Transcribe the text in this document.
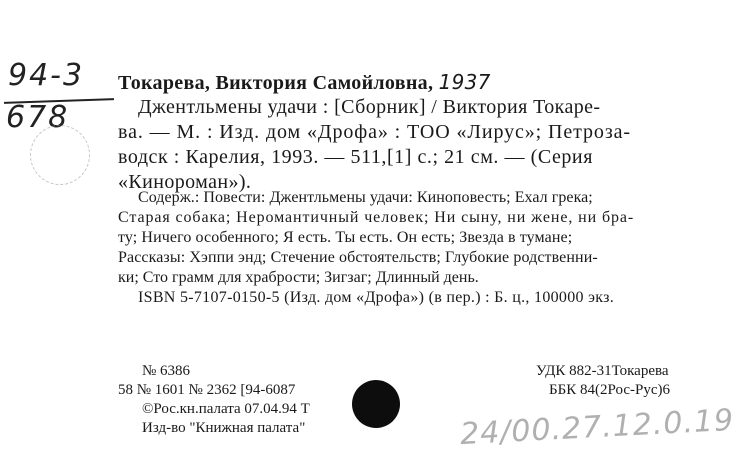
94-3
678
Токарева, Виктория Самойловна, 1937
Джентльмены удачи : [Сборник] / Виктория Токаре-
ва. — М. : Изд. дом «Дрофа» : ТОО «Лирус»; Петроза-
водск : Карелия, 1993. — 511,[1] с.; 21 см. — (Серия
«Кинороман»).
Содерж.: Повести: Джентльмены удачи: Киноповесть; Ехал грека;
Старая собака; Неромантичный человек; Ни сыну, ни жене, ни бра-
ту; Ничего особенного; Я есть. Ты есть. Он есть; Звезда в тумане;
Рассказы: Хэппи энд; Стечение обстоятельств; Глубокие родственни-
ки; Сто грамм для храбрости; Зигзаг; Длинный день.
ISBN 5-7107-0150-5 (Изд. дом «Дрофа») (в пер.) : Б. ц., 100000 экз.
№ 6386
58 № 1601 № 2362 [94-6087
©Рос.кн.палата 07.04.94 Т
Изд-во "Книжная палата"
УДК 882-31Токарева
ББК 84(2Рос-Рус)6
24/00.27.12.0.19
